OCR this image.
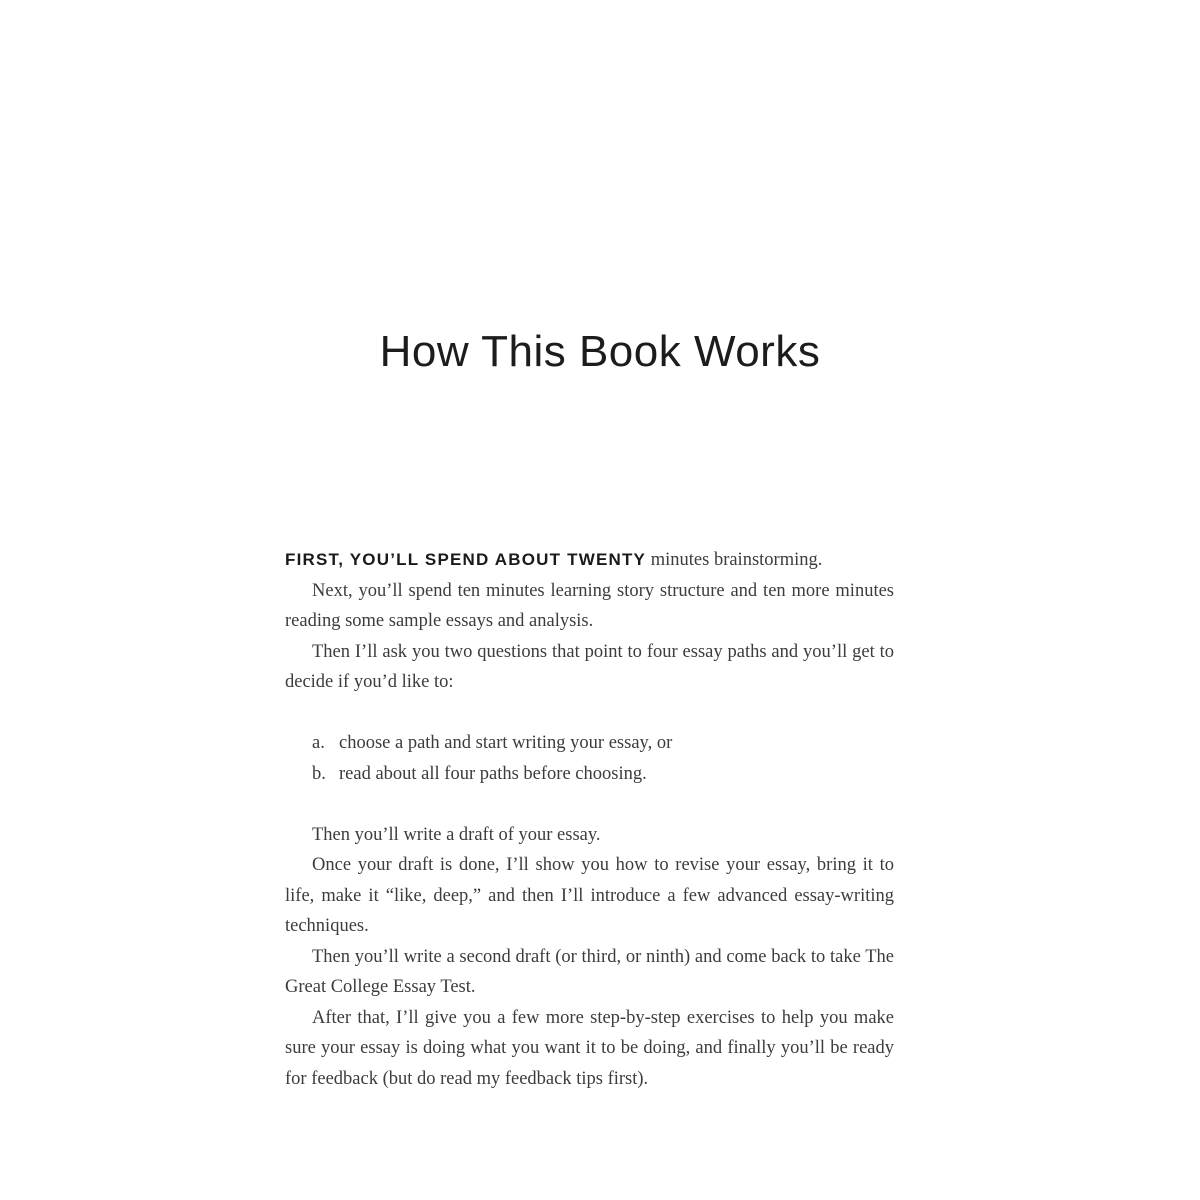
How This Book Works

FIRST, YOU’LL SPEND ABOUT TWENTY minutes brainstorming.

Next, you’ll spend ten minutes learning story structure and ten more minutes reading some sample essays and analysis.

Then I’ll ask you two questions that point to four essay paths and you’ll get to decide if you’d like to:

a. choose a path and start writing your essay, or
b. read about all four paths before choosing.

Then you’ll write a draft of your essay.

Once your draft is done, I’ll show you how to revise your essay, bring it to life, make it “like, deep,” and then I’ll introduce a few advanced essay-writing techniques.

Then you’ll write a second draft (or third, or ninth) and come back to take The Great College Essay Test.

After that, I’ll give you a few more step-by-step exercises to help you make sure your essay is doing what you want it to be doing, and finally you’ll be ready for feedback (but do read my feedback tips first).
